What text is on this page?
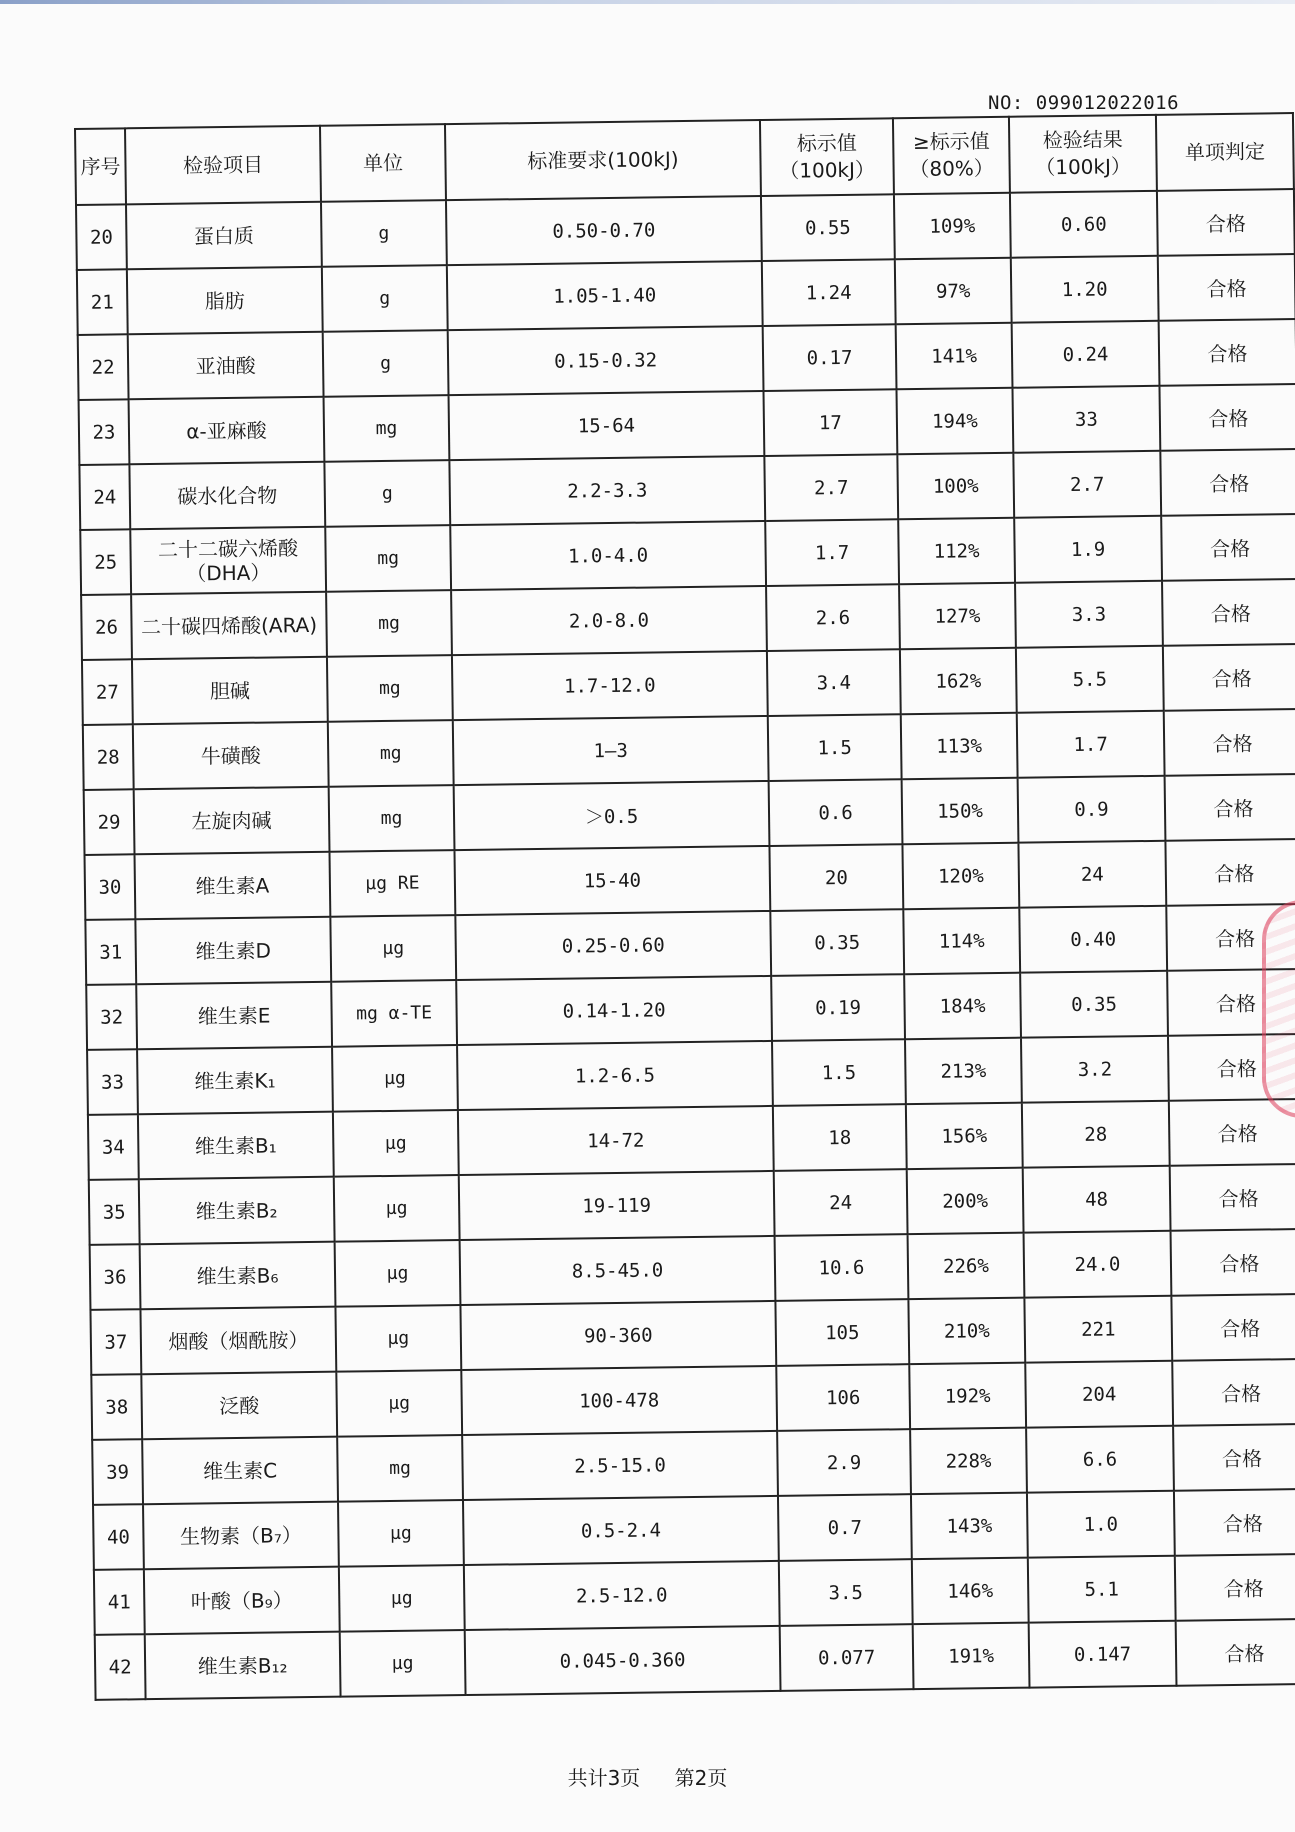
NO: 099012022016
序号	检验项目	单位	标准要求(100kJ)	标示值（100kJ）	≥标示值（80%）	检验结果（100kJ）	单项判定
20	蛋白质	g	0.50-0.70	0.55	109%	0.60	合格
21	脂肪	g	1.05-1.40	1.24	97%	1.20	合格
22	亚油酸	g	0.15-0.32	0.17	141%	0.24	合格
23	α-亚麻酸	mg	15-64	17	194%	33	合格
24	碳水化合物	g	2.2-3.3	2.7	100%	2.7	合格
25	二十二碳六烯酸（DHA）	mg	1.0-4.0	1.7	112%	1.9	合格
26	二十碳四烯酸(ARA)	mg	2.0-8.0	2.6	127%	3.3	合格
27	胆碱	mg	1.7-12.0	3.4	162%	5.5	合格
28	牛磺酸	mg	1—3	1.5	113%	1.7	合格
29	左旋肉碱	mg	＞0.5	0.6	150%	0.9	合格
30	维生素A	μg RE	15-40	20	120%	24	合格
31	维生素D	μg	0.25-0.60	0.35	114%	0.40	合格
32	维生素E	mg α-TE	0.14-1.20	0.19	184%	0.35	合格
33	维生素K₁	μg	1.2-6.5	1.5	213%	3.2	合格
34	维生素B₁	μg	14-72	18	156%	28	合格
35	维生素B₂	μg	19-119	24	200%	48	合格
36	维生素B₆	μg	8.5-45.0	10.6	226%	24.0	合格
37	烟酸（烟酰胺）	μg	90-360	105	210%	221	合格
38	泛酸	μg	100-478	106	192%	204	合格
39	维生素C	mg	2.5-15.0	2.9	228%	6.6	合格
40	生物素（B₇）	μg	0.5-2.4	0.7	143%	1.0	合格
41	叶酸（B₉）	μg	2.5-12.0	3.5	146%	5.1	合格
42	维生素B₁₂	μg	0.045-0.360	0.077	191%	0.147	合格
共计3页 第2页
